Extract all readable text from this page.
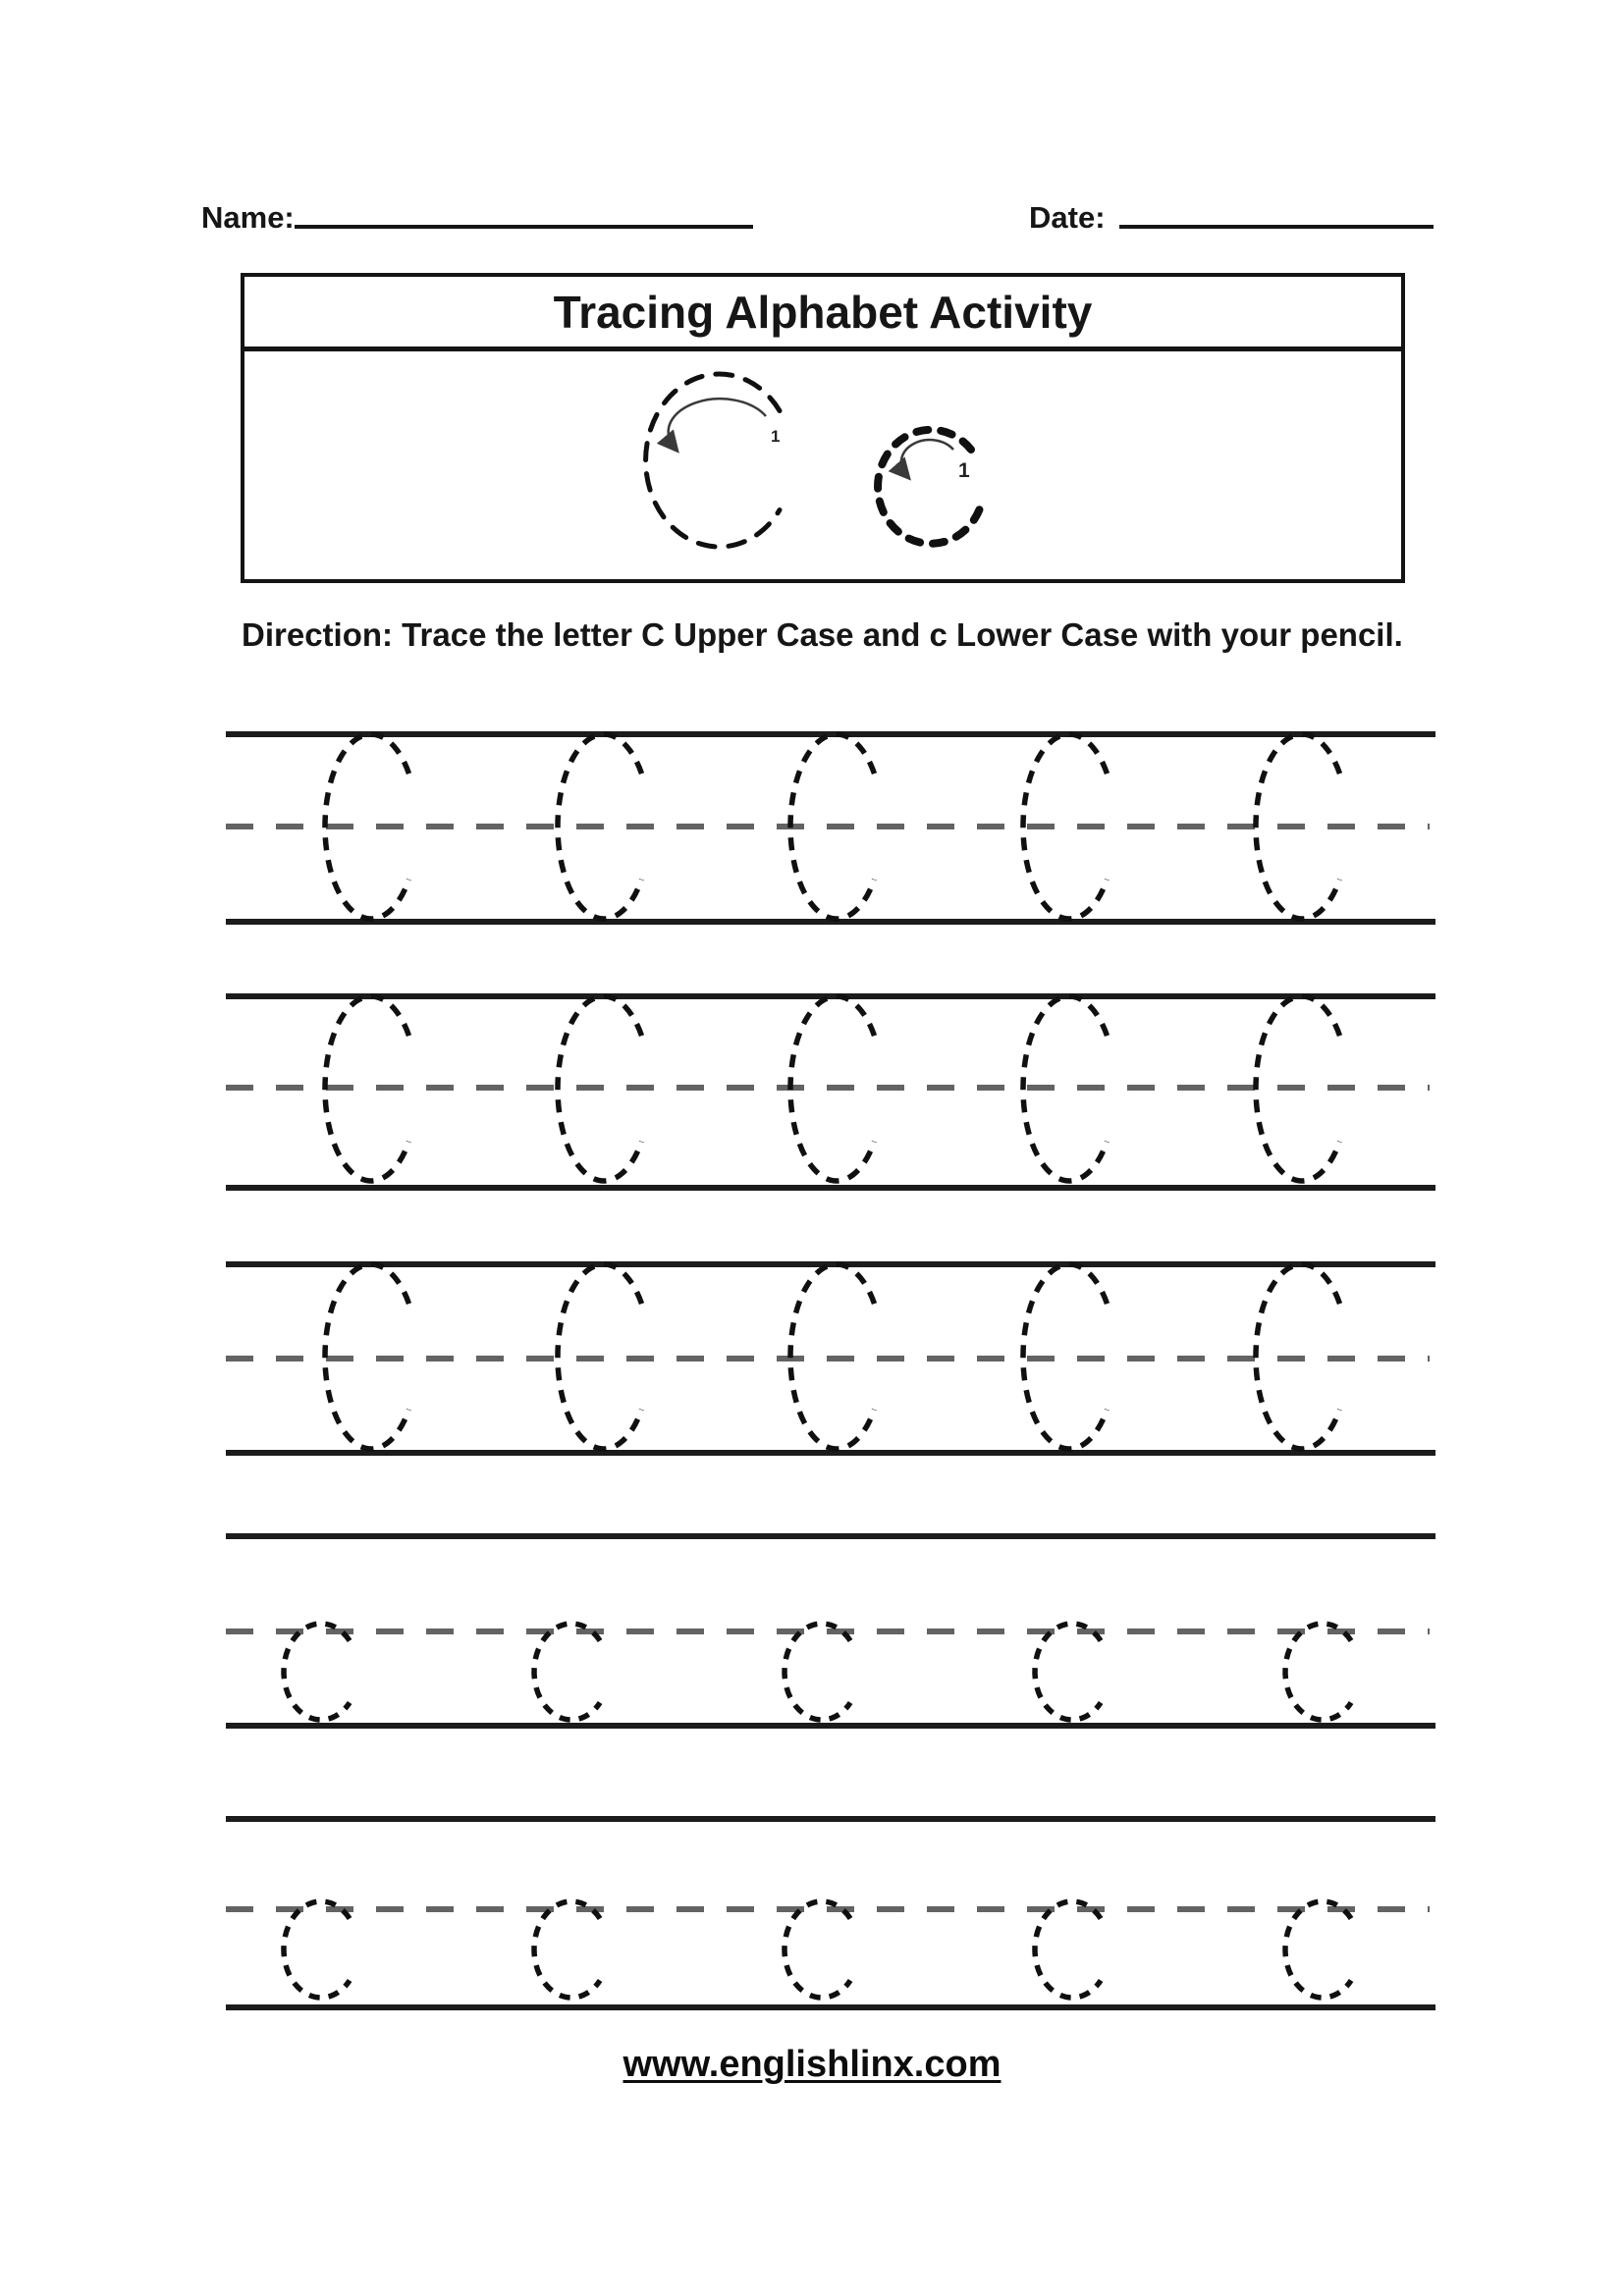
Name:	Date:
Tracing Alphabet Activity
1
1
Direction: Trace the letter C Upper Case and c Lower Case with your pencil.
www.englishlinx.com
